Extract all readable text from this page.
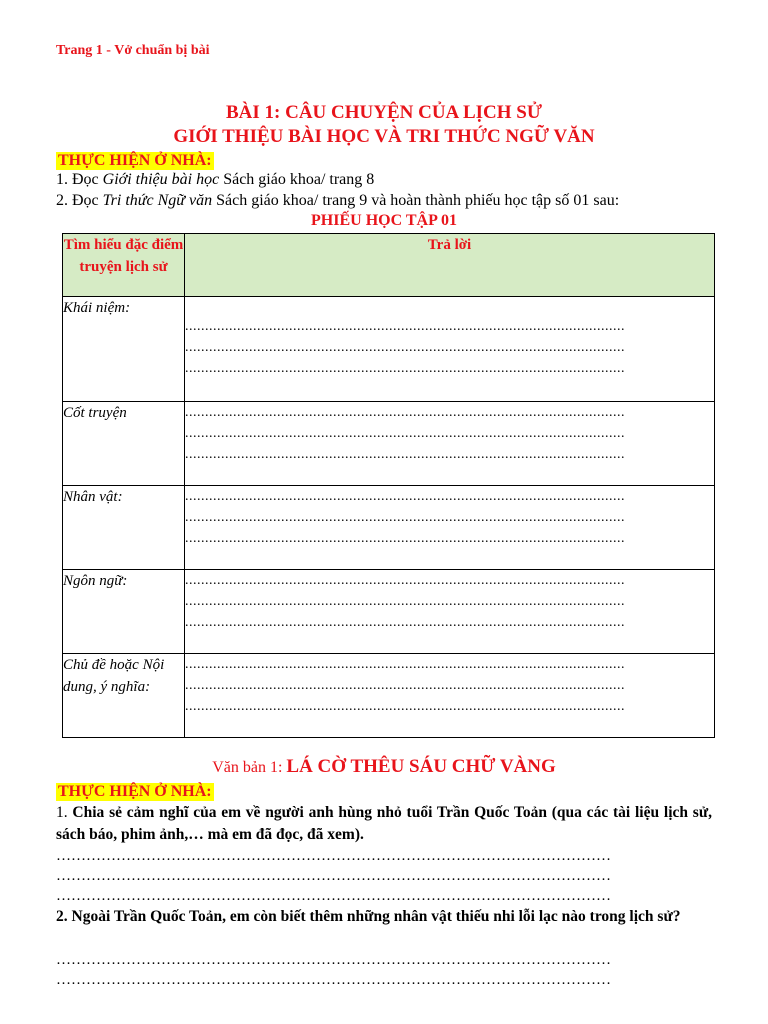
Trang 1 - Vở chuẩn bị bài
BÀI 1: CÂU CHUYỆN CỦA LỊCH SỬ
GIỚI THIỆU BÀI HỌC VÀ TRI THỨC NGỮ VĂN
THỰC HIỆN Ở NHÀ:
1. Đọc Giới thiệu bài học Sách giáo khoa/ trang 8
2. Đọc Tri thức Ngữ văn Sách giáo khoa/ trang 9 và hoàn thành phiếu học tập số 01 sau:
PHIẾU HỌC TẬP 01
Tìm hiểu đặc điểm truyện lịch sử	Trả lời
Khái niệm:	..............................................................................................................
..............................................................................................................
..............................................................................................................

Cốt truyện	..............................................................................................................
..............................................................................................................
..............................................................................................................

Nhân vật:	..............................................................................................................
..............................................................................................................
..............................................................................................................

Ngôn ngữ:	..............................................................................................................
..............................................................................................................
..............................................................................................................

Chủ đề hoặc Nội dung, ý nghĩa:	..............................................................................................................
..............................................................................................................
..............................................................................................................
Văn bản 1: LÁ CỜ THÊU SÁU CHỮ VÀNG
THỰC HIỆN Ở NHÀ:
1. Chia sẻ cảm nghĩ của em về người anh hùng nhỏ tuổi Trần Quốc Toản (qua các tài liệu lịch sử, sách báo, phim ảnh,… mà em đã đọc, đã xem).
…………………………………………………………………………………………………
…………………………………………………………………………………………………
…………………………………………………………………………………………………
2. Ngoài Trần Quốc Toản, em còn biết thêm những nhân vật thiếu nhi lỗi lạc nào trong lịch sử?
…………………………………………………………………………………………………
…………………………………………………………………………………………………
